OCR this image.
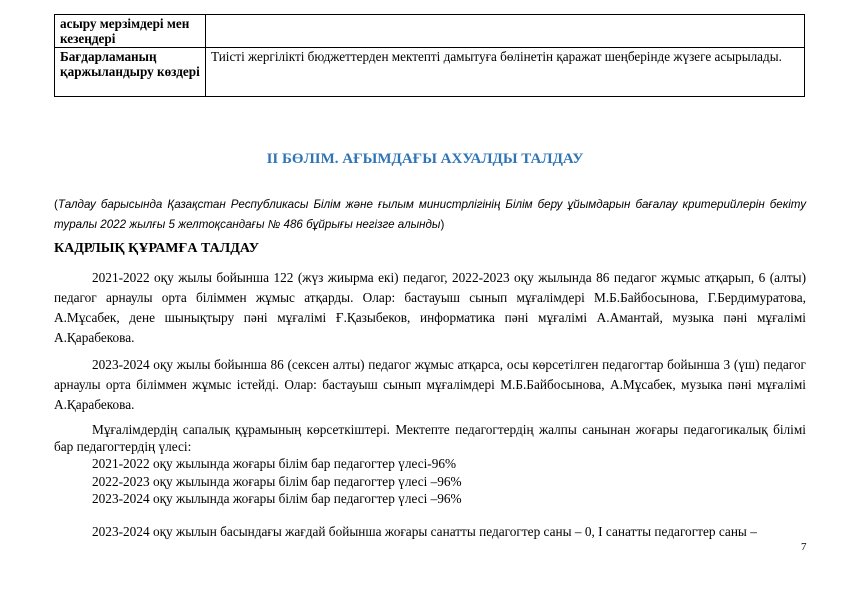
асыру мерзімдері мен кезеңдері	
Бағдарламаның қаржыландыру көздері	Тиісті жергілікті бюджеттерден мектепті дамытуға бөлінетін қаражат шеңберінде жүзеге асырылады.
II БӨЛІМ. АҒЫМДАҒЫ АХУАЛДЫ ТАЛДАУ
(Талдау барысында Қазақстан Республикасы Білім және ғылым министрлігінің Білім беру ұйымдарын бағалау критерийлерін бекіту туралы 2022 жылғы 5 желтоқсандағы № 486 бұйрығы негізге алынды)
КАДРЛЫҚ ҚҰРАМҒА ТАЛДАУ
2021-2022 оқу жылы бойынша 122 (жүз жиырма екі) педагог, 2022-2023 оқу жылында 86 педагог жұмыс атқарып, 6 (алты) педагог арнаулы орта біліммен жұмыс атқарды. Олар: бастауыш сынып мұғалімдері М.Б.Байбосынова, Г.Бердимуратова, А.Мұсабек, дене шынықтыру пәні мұғалімі Ғ.Қазыбеков, информатика пәні мұғалімі А.Амантай, музыка пәні мұғалімі А.Қарабекова.
2023-2024 оқу жылы бойынша 86 (сексен алты) педагог жұмыс атқарса, осы көрсетілген педагогтар бойынша 3 (үш) педагог арнаулы орта біліммен жұмыс істейді. Олар: бастауыш сынып мұғалімдері М.Б.Байбосынова, А.Мұсабек, музыка пәні мұғалімі А.Қарабекова.
Мұғалімдердің сапалық құрамының көрсеткіштері. Мектепте педагогтердің жалпы санынан жоғары педагогикалық білімі бар педагогтердің үлесі:
2021-2022 оқу жылында жоғары білім бар педагогтер үлесі-96%
2022-2023 оқу жылында жоғары білім бар педагогтер үлесі –96%
2023-2024 оқу жылында жоғары білім бар педагогтер үлесі –96%
2023-2024 оқу жылын басындағы жағдай бойынша жоғары санатты педагогтер саны – 0, І санатты педагогтер саны –
7
